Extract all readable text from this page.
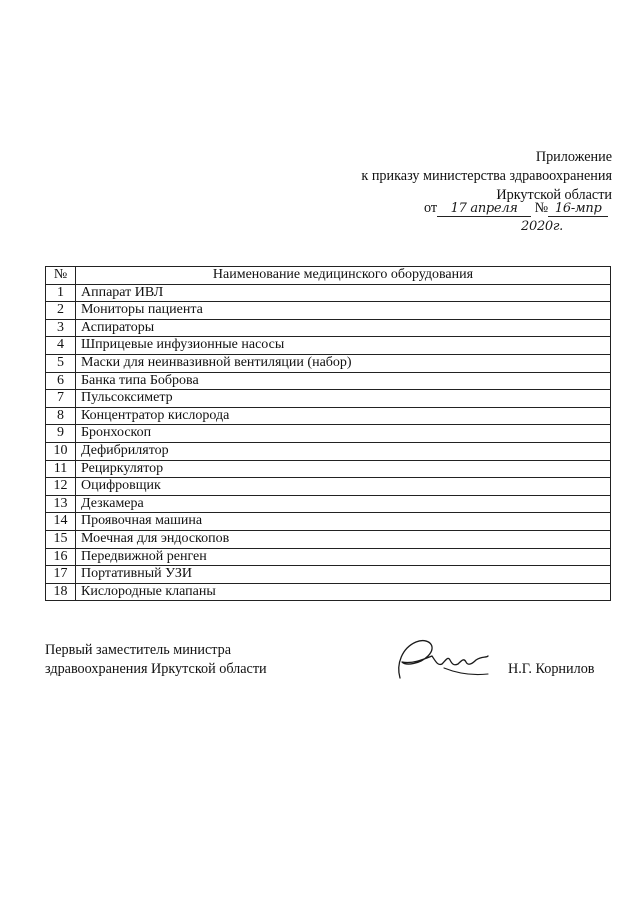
Приложение
к приказу министерства здравоохранения
Иркутской области
от 17 апреля № 16-мпр
2020г.
№	Наименование медицинского оборудования
1	Аппарат ИВЛ
2	Мониторы пациента
3	Аспираторы
4	Шприцевые инфузионные насосы
5	Маски для неинвазивной вентиляции (набор)
6	Банка типа Боброва
7	Пульсоксиметр
8	Концентратор кислорода
9	Бронхоскоп
10	Дефибрилятор
11	Рециркулятор
12	Оцифровщик
13	Дезкамера
14	Проявочная машина
15	Моечная для эндоскопов
16	Передвижной ренген
17	Портативный УЗИ
18	Кислородные клапаны
Первый заместитель министра
здравоохранения Иркутской области	Н.Г. Корнилов
